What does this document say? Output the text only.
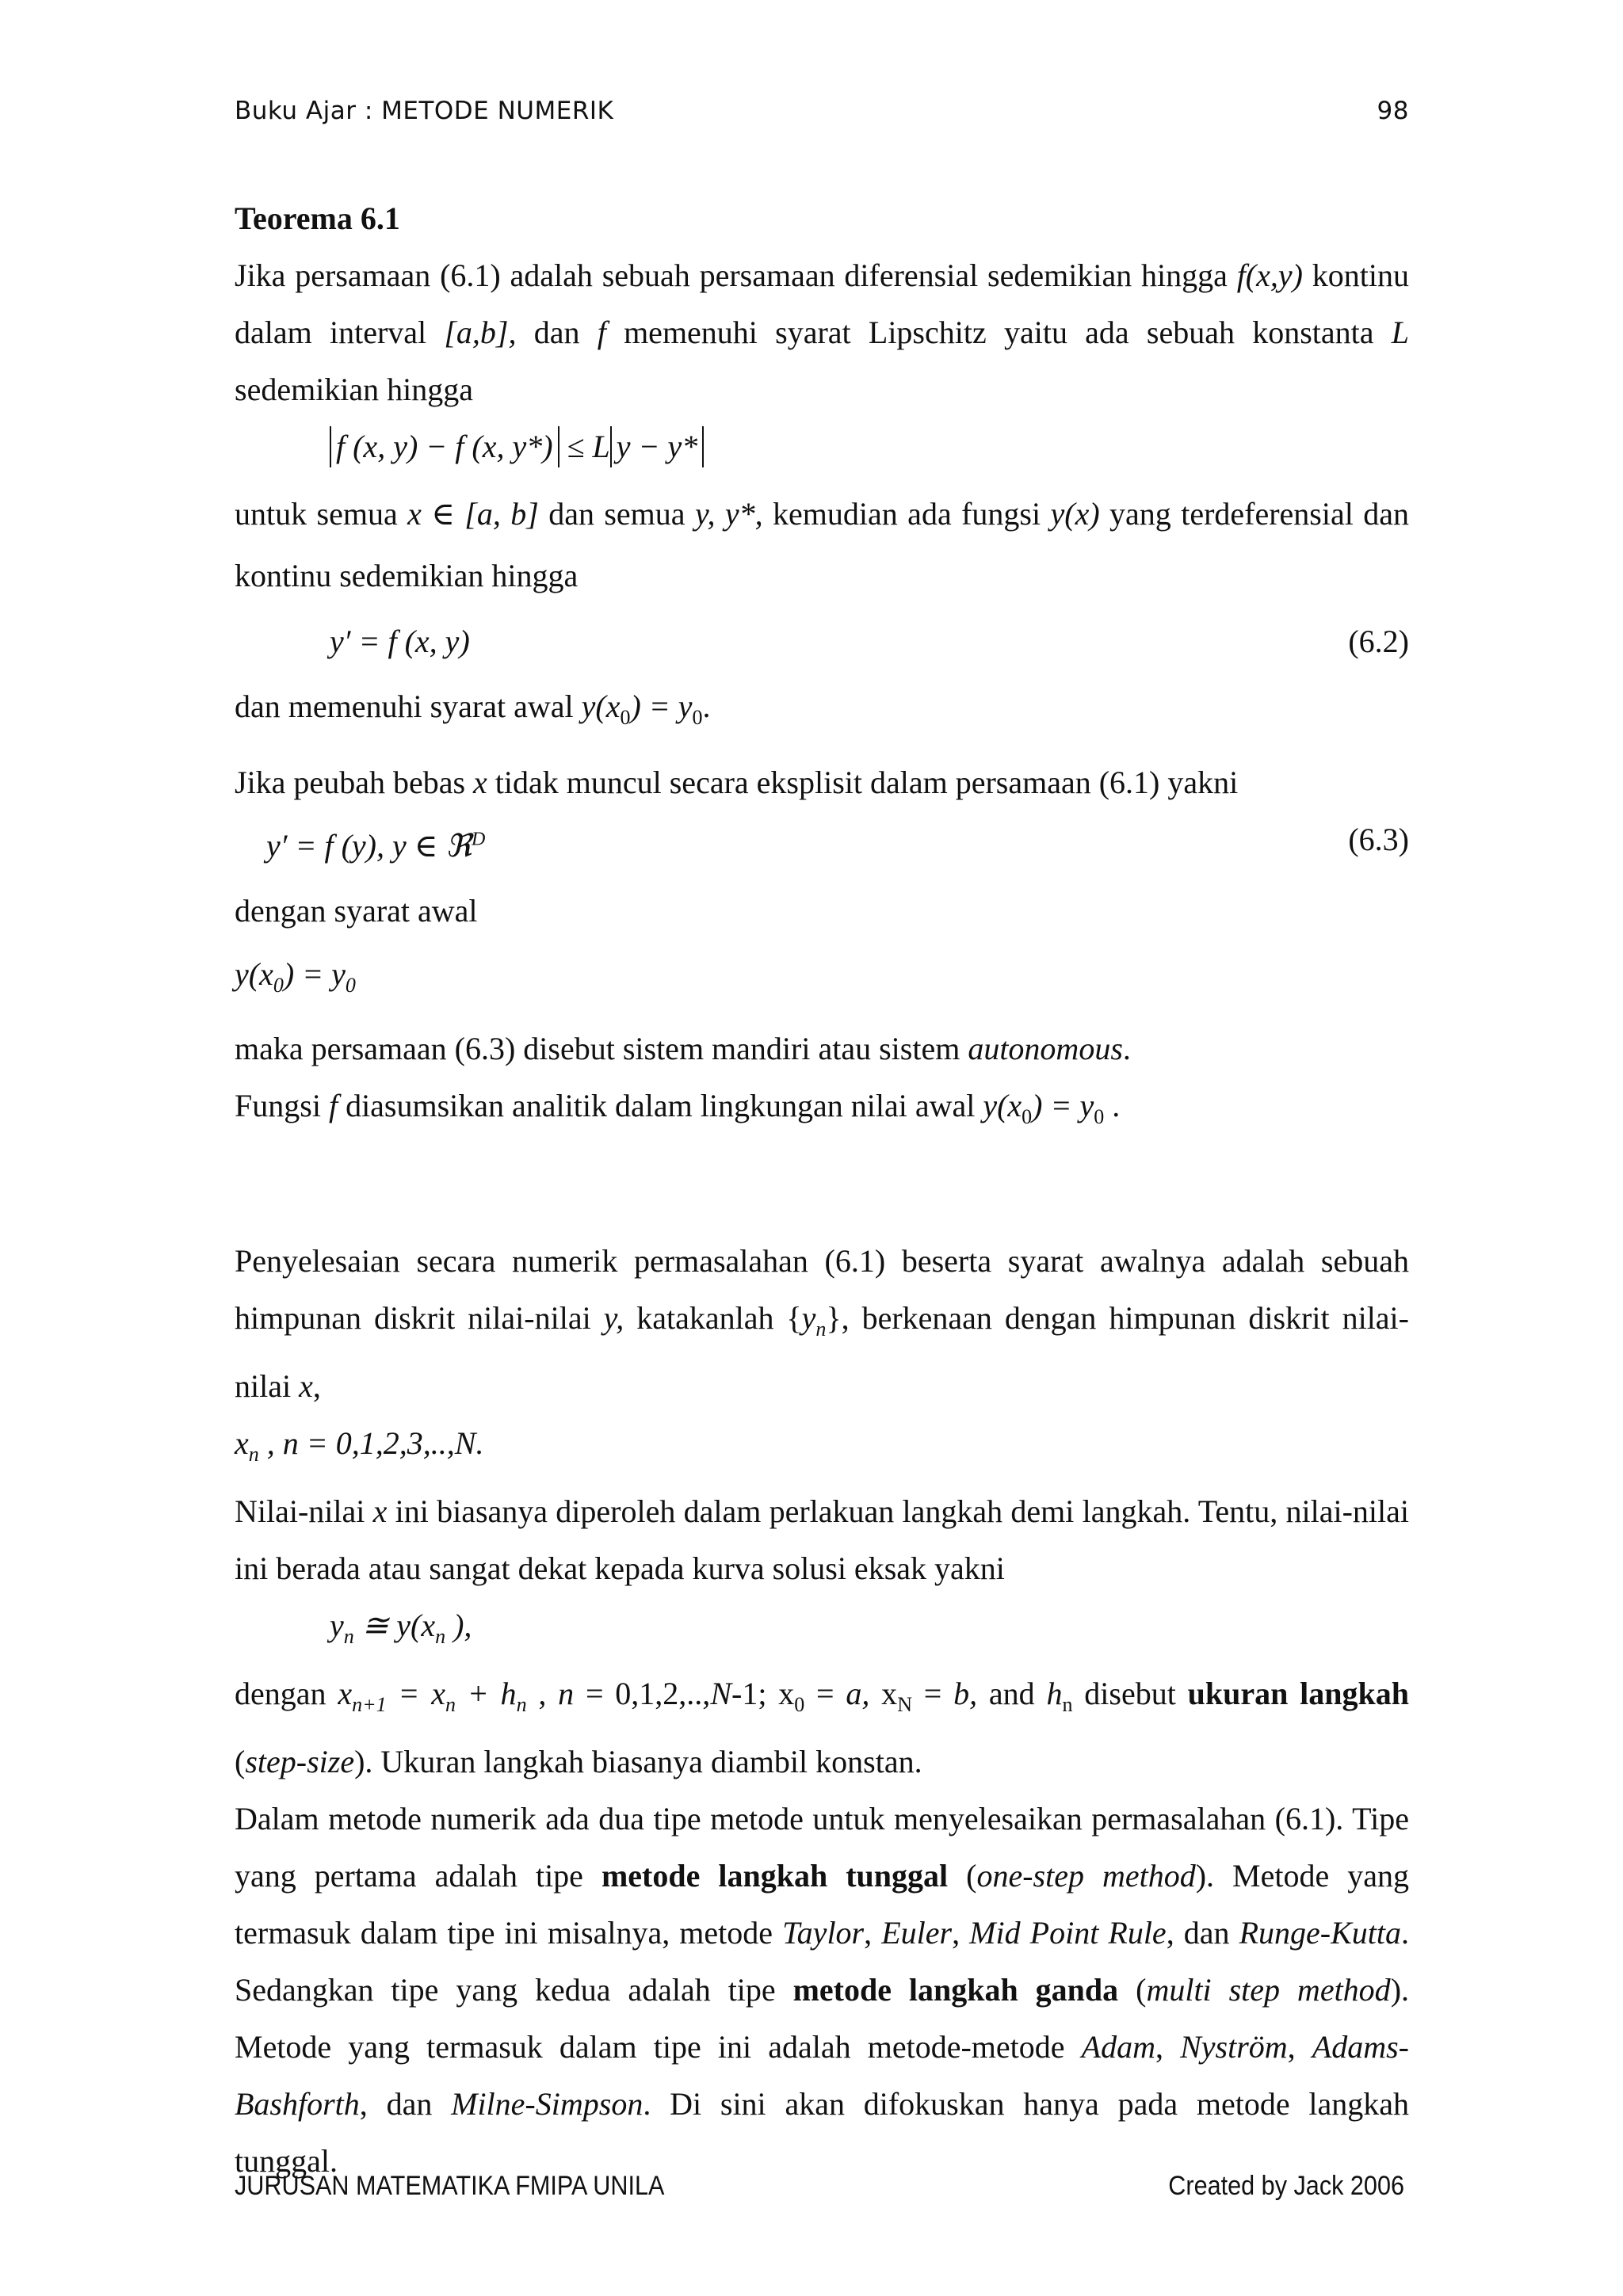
Buku Ajar : METODE NUMERIK	98

Teorema 6.1

Jika persamaan (6.1) adalah sebuah persamaan diferensial sedemikian hingga f(x,y) kontinu dalam interval [a,b], dan f memenuhi syarat Lipschitz yaitu ada sebuah konstanta L sedemikian hingga

f (x, y) − f (x, y*) ≤ L y − y*

untuk semua x ∈ [a, b] dan semua y, y*, kemudian ada fungsi y(x) yang terdeferensial dan kontinu sedemikian hingga

y′ = f (x, y)	(6.2)

dan memenuhi syarat awal $y(x_0) = y_0$.

Jika peubah bebas x tidak muncul secara eksplisit dalam persamaan (6.1) yakni

y′ = f (y), y ∈ ℜ$^D$	(6.3)

dengan syarat awal

$y(x_0) = y_0$

maka persamaan (6.3) disebut sistem mandiri atau sistem autonomous.

Fungsi f diasumsikan analitik dalam lingkungan nilai awal $y(x_0) = y_0$ .

Penyelesaian secara numerik permasalahan (6.1) beserta syarat awalnya adalah sebuah himpunan diskrit nilai-nilai y, katakanlah $\{y_n\}$, berkenaan dengan himpunan diskrit nilai-nilai x,

$x_n$ , n = 0,1,2,3,..,N.

Nilai-nilai x ini biasanya diperoleh dalam perlakuan langkah demi langkah. Tentu, nilai-nilai ini berada atau sangat dekat kepada kurva solusi eksak yakni

$y_n$ ≅ $y(x_n$ ),

dengan $x_{n+1} = x_n + h_n$ , n = 0,1,2,..,N-1; $x_0 = a$, $x_N = b$, and $h_n$ disebut ukuran langkah (step-size). Ukuran langkah biasanya diambil konstan.

Dalam metode numerik ada dua tipe metode untuk menyelesaikan permasalahan (6.1). Tipe yang pertama adalah tipe metode langkah tunggal (one-step method). Metode yang termasuk dalam tipe ini misalnya, metode Taylor, Euler, Mid Point Rule, dan Runge-Kutta. Sedangkan tipe yang kedua adalah tipe metode langkah ganda (multi step method). Metode yang termasuk dalam tipe ini adalah metode-metode Adam, Nyström, Adams-Bashforth, dan Milne-Simpson. Di sini akan difokuskan hanya pada metode langkah tunggal.

JURUSAN MATEMATIKA FMIPA UNILA	Created by Jack 2006
